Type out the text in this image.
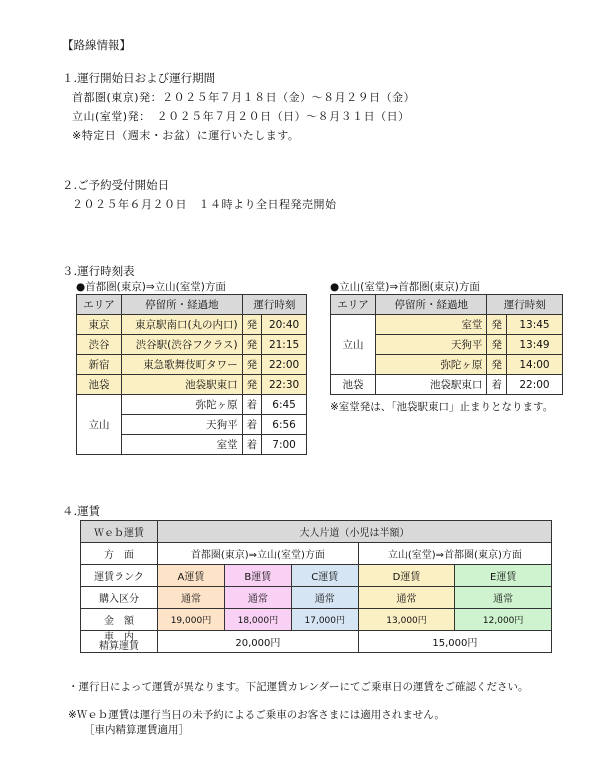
【路線情報】
１.運行開始日および運行期間
首都圏(東京)発：２０２５年７月１８日（金）～８月２９日（金）
立山(室堂)発：　２０２５年７月２０日（日）～８月３１日（日）
※特定日（週末・お盆）に運行いたします。
２.ご予約受付開始日
２０２５年６月２０日　１４時より全日程発売開始
３.運行時刻表
●首都圏(東京)⇒立山(室堂)方面	●立山(室堂)⇒首都圏(東京)方面
エリア	停留所・経過地	運行時刻	
東京	東京駅南口(丸の内口)	発	20:40
渋谷	渋谷駅(渋谷フクラス)	発	21:15
新宿	東急歌舞伎町タワー	発	22:00
池袋	池袋駅東口	発	22:30
立山	弥陀ヶ原	着	6:45
	天狗平	着	6:56
	室堂	着	7:00
エリア	停留所・経過地	運行時刻	
立山	室堂	発	13:45
	天狗平	発	13:49
	弥陀ヶ原	発	14:00
池袋	池袋駅東口	着	22:00
※室堂発は、「池袋駅東口」止まりとなります。
４.運賃
Ｗｅｂ運賃	大人片道（小児は半額）				
方　面	首都圏(東京)⇒立山(室堂)方面			立山(室堂)⇒首都圏(東京)方面	
運賃ランク	A運賃	B運賃	C運賃	D運賃	E運賃
購入区分	通常	通常	通常	通常	通常
金　額	19,000円	18,000円	17,000円	13,000円	12,000円

車　内
精算運賃	20,000円			15,000円	
・運行日によって運賃が異なります。下記運賃カレンダーにてご乗車日の運賃をご確認ください。
※Ｗｅｂ運賃は運行当日の未予約によるご乗車のお客さまには適用されません。
［車内精算運賃適用］
